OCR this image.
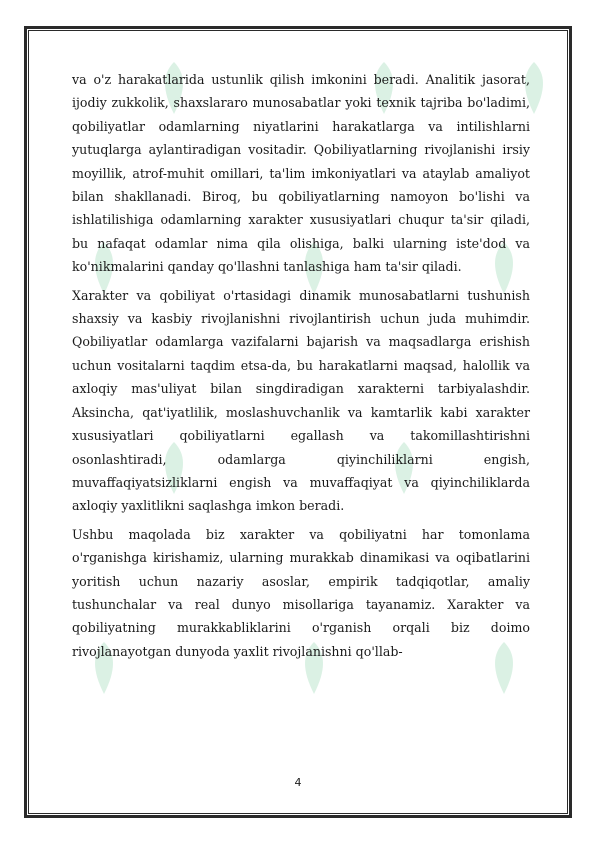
va o'z harakatlarida ustunlik qilish imkonini beradi. Analitik jasorat, ijodiy zukkolik, shaxslararo munosabatlar yoki texnik tajriba bo'ladimi, qobiliyatlar odamlarning niyatlarini harakatlarga va intilishlarni yutuqlarga aylantiradigan vositadir. Qobiliyatlarning rivojlanishi irsiy moyillik, atrof-muhit omillari, ta'lim imkoniyatlari va ataylab amaliyot bilan shakllanadi. Biroq, bu qobiliyatlarning namoyon bo'lishi va ishlatilishiga odamlarning xarakter xususiyatlari chuqur ta'sir qiladi, bu nafaqat odamlar nima qila olishiga, balki ularning iste'dod va ko'nikmalarini qanday qo'llashni tanlashiga ham ta'sir qiladi.

Xarakter va qobiliyat o'rtasidagi dinamik munosabatlarni tushunish shaxsiy va kasbiy rivojlanishni rivojlantirish uchun juda muhimdir. Qobiliyatlar odamlarga vazifalarni bajarish va maqsadlarga erishish uchun vositalarni taqdim etsa-da, bu harakatlarni maqsad, halollik va axloqiy mas'uliyat bilan singdiradigan xarakterni tarbiyalashdir. Aksincha, qat'iyatlilik, moslashuvchanlik va kamtarlik kabi xarakter xususiyatlari qobiliyatlarni egallash va takomillashtirishni osonlashtiradi, odamlarga qiyinchiliklarni engish, muvaffaqiyatsizliklarni engish va muvaffaqiyat va qiyinchiliklarda axloqiy yaxlitlikni saqlashga imkon beradi.

Ushbu maqolada biz xarakter va qobiliyatni har tomonlama o'rganishga kirishamiz, ularning murakkab dinamikasi va oqibatlarini yoritish uchun nazariy asoslar, empirik tadqiqotlar, amaliy tushunchalar va real dunyo misollariga tayanamiz. Xarakter va qobiliyatning murakkabliklarini o'rganish orqali biz doimo rivojlanayotgan dunyoda yaxlit rivojlanishni qo'llab-

4
